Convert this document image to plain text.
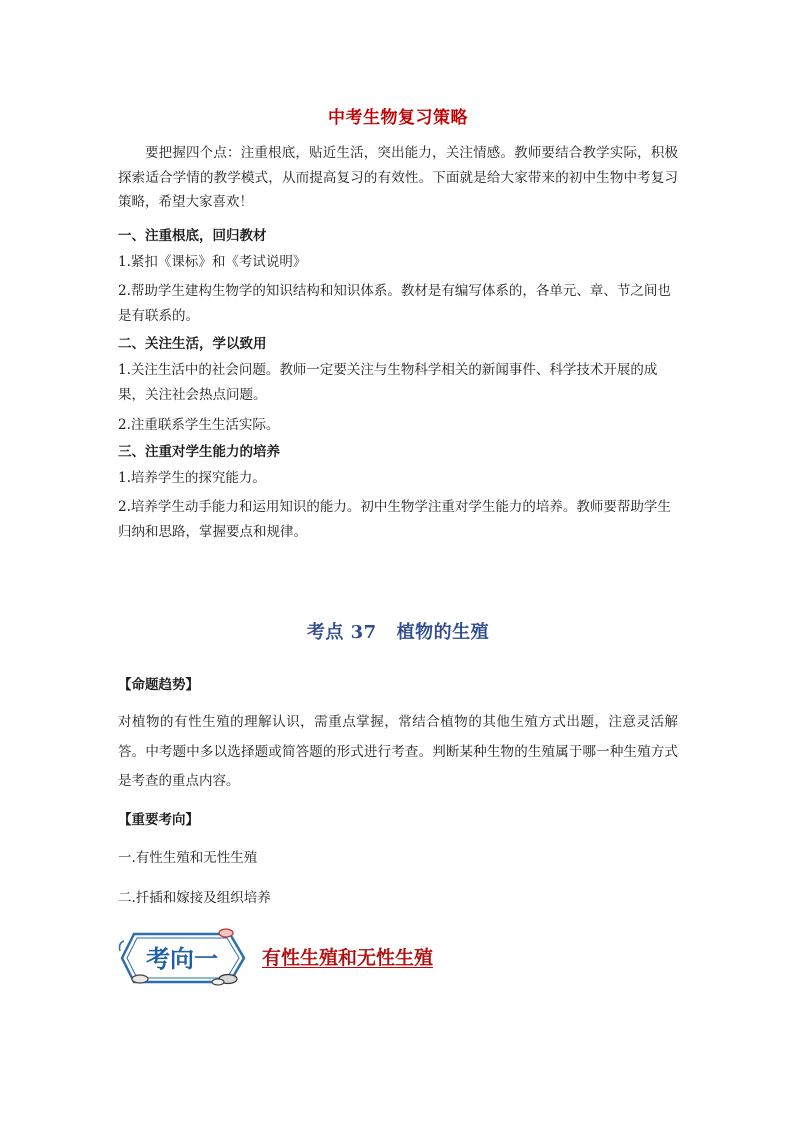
中考生物复习策略
要把握四个点：注重根底，贴近生活，突出能力，关注情感。教师要结合教学实际，积极探索适合学情的教学模式，从而提高复习的有效性。下面就是给大家带来的初中生物中考复习策略，希望大家喜欢！
一、注重根底，回归教材
1.紧扣《课标》和《考试说明》
2.帮助学生建构生物学的知识结构和知识体系。教材是有编写体系的，各单元、章、节之间也是有联系的。
二、关注生活，学以致用
1.关注生活中的社会问题。教师一定要关注与生物科学相关的新闻事件、科学技术开展的成果，关注社会热点问题。
2.注重联系学生生活实际。
三、注重对学生能力的培养
1.培养学生的探究能力。
2.培养学生动手能力和运用知识的能力。初中生物学注重对学生能力的培养。教师要帮助学生归纳和思路，掌握要点和规律。
考点 37 植物的生殖
【命题趋势】
对植物的有性生殖的理解认识，需重点掌握，常结合植物的其他生殖方式出题，注意灵活解答。中考题中多以选择题或简答题的形式进行考查。判断某种生物的生殖属于哪一种生殖方式是考查的重点内容。
【重要考向】
一.有性生殖和无性生殖
二.扦插和嫁接及组织培养
考向一 有性生殖和无性生殖
